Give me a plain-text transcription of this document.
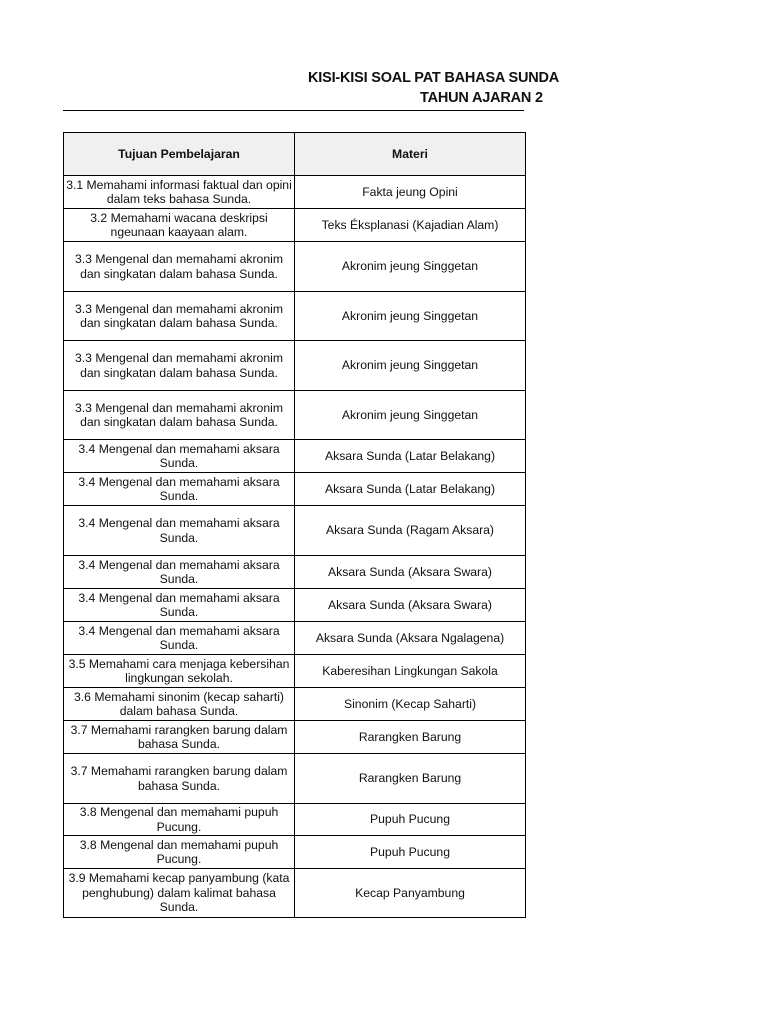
KISI-KISI SOAL PAT BAHASA SUNDA
TAHUN AJARAN 2
Tujuan Pembelajaran	Materi
3.1 Memahami informasi faktual dan opini dalam teks bahasa Sunda.	Fakta jeung Opini
3.2 Memahami wacana deskripsi ngeunaan kaayaan alam.	Teks Éksplanasi (Kajadian Alam)
3.3 Mengenal dan memahami akronim dan singkatan dalam bahasa Sunda.	Akronim jeung Singgetan
3.3 Mengenal dan memahami akronim dan singkatan dalam bahasa Sunda.	Akronim jeung Singgetan
3.3 Mengenal dan memahami akronim dan singkatan dalam bahasa Sunda.	Akronim jeung Singgetan
3.3 Mengenal dan memahami akronim dan singkatan dalam bahasa Sunda.	Akronim jeung Singgetan
3.4 Mengenal dan memahami aksara Sunda.	Aksara Sunda (Latar Belakang)
3.4 Mengenal dan memahami aksara Sunda.	Aksara Sunda (Latar Belakang)
3.4 Mengenal dan memahami aksara Sunda.	Aksara Sunda (Ragam Aksara)
3.4 Mengenal dan memahami aksara Sunda.	Aksara Sunda (Aksara Swara)
3.4 Mengenal dan memahami aksara Sunda.	Aksara Sunda (Aksara Swara)
3.4 Mengenal dan memahami aksara Sunda.	Aksara Sunda (Aksara Ngalagena)
3.5 Memahami cara menjaga kebersihan lingkungan sekolah.	Kaberesihan Lingkungan Sakola
3.6 Memahami sinonim (kecap saharti) dalam bahasa Sunda.	Sinonim (Kecap Saharti)
3.7 Memahami rarangken barung dalam bahasa Sunda.	Rarangken Barung
3.7 Memahami rarangken barung dalam bahasa Sunda.	Rarangken Barung
3.8 Mengenal dan memahami pupuh Pucung.	Pupuh Pucung
3.8 Mengenal dan memahami pupuh Pucung.	Pupuh Pucung
3.9 Memahami kecap panyambung (kata penghubung) dalam kalimat bahasa Sunda.	Kecap Panyambung
